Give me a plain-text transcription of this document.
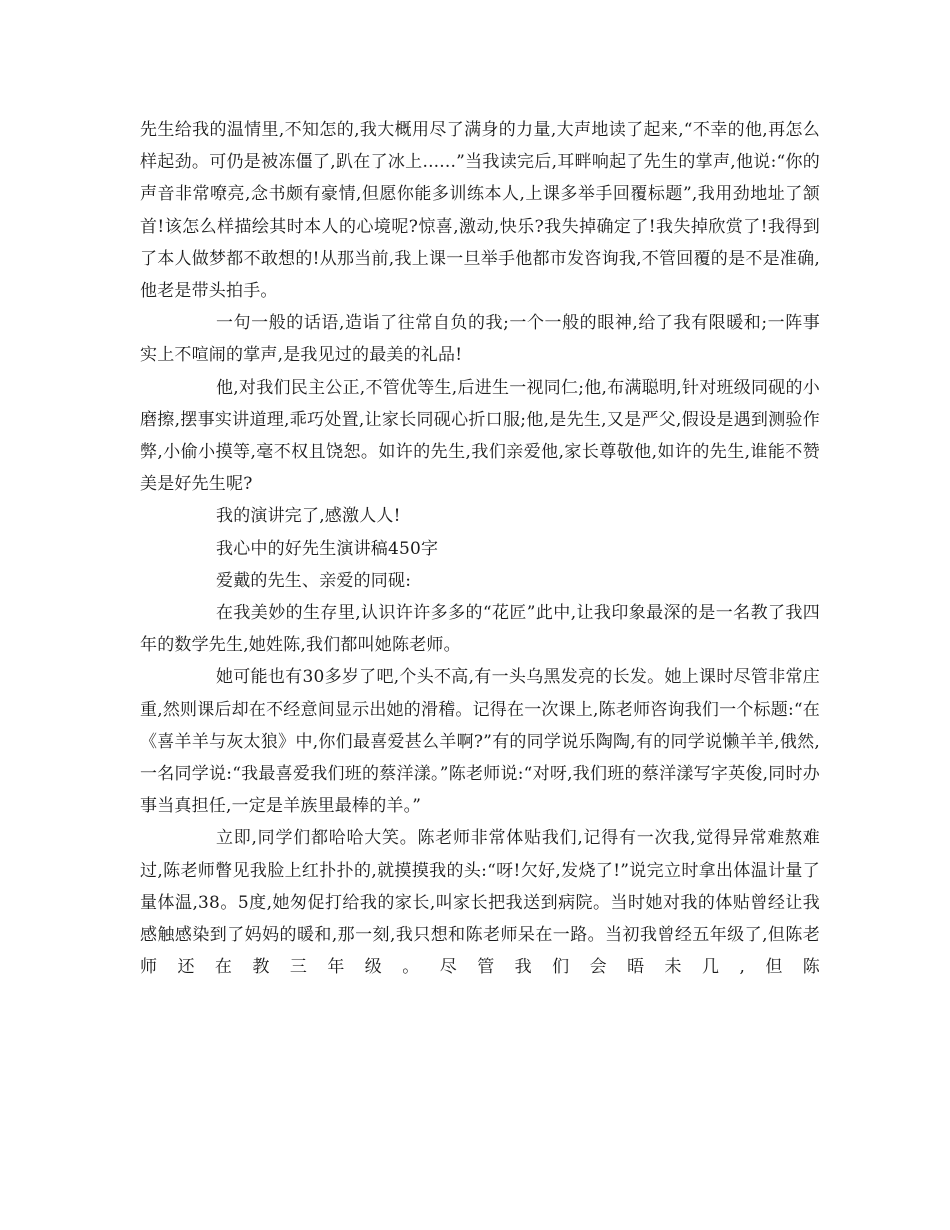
先生给我的温情里,不知怎的,我大概用尽了满身的力量,大声地读了起来,“不幸的他,再怎么样起劲。可仍是被冻僵了,趴在了冰上......”当我读完后,耳畔响起了先生的掌声,他说:“你的声音非常嘹亮,念书颇有豪情,但愿你能多训练本人,上课多举手回覆标题”,我用劲地址了颔首!该怎么样描绘其时本人的心境呢?惊喜,激动,快乐?我失掉确定了!我失掉欣赏了!我得到了本人做梦都不敢想的!从那当前,我上课一旦举手他都市发咨询我,不管回覆的是不是准确,他老是带头拍手。

一句一般的话语,造诣了往常自负的我;一个一般的眼神,给了我有限暖和;一阵事实上不喧闹的掌声,是我见过的最美的礼品!

他,对我们民主公正,不管优等生,后进生一视同仁;他,布满聪明,针对班级同砚的小磨擦,摆事实讲道理,乖巧处置,让家长同砚心折口服;他,是先生,又是严父,假设是遇到测验作弊,小偷小摸等,毫不权且饶恕。如许的先生,我们亲爱他,家长尊敬他,如许的先生,谁能不赞美是好先生呢?

我的演讲完了,感激人人!

我心中的好先生演讲稿450字

爱戴的先生、亲爱的同砚:

在我美妙的生存里,认识许许多多的“花匠”此中,让我印象最深的是一名教了我四年的数学先生,她姓陈,我们都叫她陈老师。

她可能也有30多岁了吧,个头不高,有一头乌黑发亮的长发。她上课时尽管非常庄重,然则课后却在不经意间显示出她的滑稽。记得在一次课上,陈老师咨询我们一个标题:“在《喜羊羊与灰太狼》中,你们最喜爱甚么羊啊?”有的同学说乐陶陶,有的同学说懒羊羊,俄然,一名同学说:“我最喜爱我们班的蔡洋漾。”陈老师说:“对呀,我们班的蔡洋漾写字英俊,同时办事当真担任,一定是羊族里最棒的羊。”

立即,同学们都哈哈大笑。陈老师非常体贴我们,记得有一次我,觉得异常难熬难过,陈老师瞥见我脸上红扑扑的,就摸摸我的头:“呀!欠好,发烧了!”说完立时拿出体温计量了量体温,38。5度,她匆促打给我的家长,叫家长把我送到病院。当时她对我的体贴曾经让我感触感染到了妈妈的暖和,那一刻,我只想和陈老师呆在一路。当初我曾经五年级了,但陈老师还在教三年级。尽管我们会晤未几,但陈
